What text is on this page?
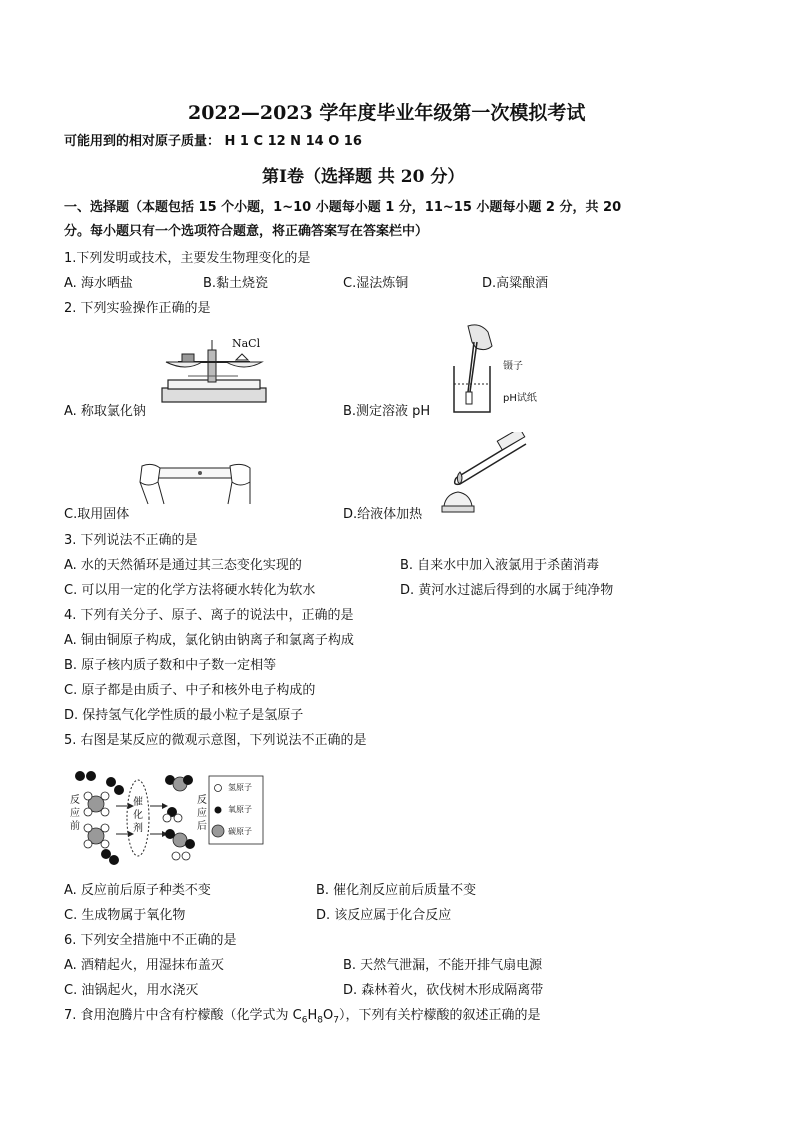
2022—2023 学年度毕业年级第一次模拟考试
可能用到的相对原子质量： H 1 C 12 N 14 O 16
第Ⅰ卷（选择题 共 20 分）
一、选择题（本题包括 15 个小题，1~10 小题每小题 1 分，11~15 小题每小题 2 分，共 20
分。每小题只有一个选项符合题意，将正确答案写在答案栏中）
1.下列发明或技术，主要发生物理变化的是
A. 海水晒盐	B.黏土烧瓷	C.湿法炼铜	D.高粱酿酒
2. 下列实验操作正确的是
NaCl
镊子
pH试纸
A. 称取氯化钠	B.测定溶液 pH
C.取用固体	D.给液体加热
3. 下列说法不正确的是
A. 水的天然循环是通过其三态变化实现的	B. 自来水中加入液氯用于杀菌消毒
C. 可以用一定的化学方法将硬水转化为软水	D. 黄河水过滤后得到的水属于纯净物
4. 下列有关分子、原子、离子的说法中，正确的是
A. 铜由铜原子构成，氯化钠由钠离子和氯离子构成
B. 原子核内质子数和中子数一定相等
C. 原子都是由质子、中子和核外电子构成的
D. 保持氢气化学性质的最小粒子是氢原子
5. 右图是某反应的微观示意图，下列说法不正确的是
反应前
催化剂
反应后
氢原子
氧原子
碳原子
A. 反应前后原子种类不变	B. 催化剂反应前后质量不变
C. 生成物属于氧化物	D. 该反应属于化合反应
6. 下列安全措施中不正确的是
A. 酒精起火，用湿抹布盖灭	B. 天然气泄漏，不能开排气扇电源
C. 油锅起火，用水浇灭	D. 森林着火，砍伐树木形成隔离带
7. 食用泡腾片中含有柠檬酸（化学式为 $C_6H_8O_7$），下列有关柠檬酸的叙述正确的是
